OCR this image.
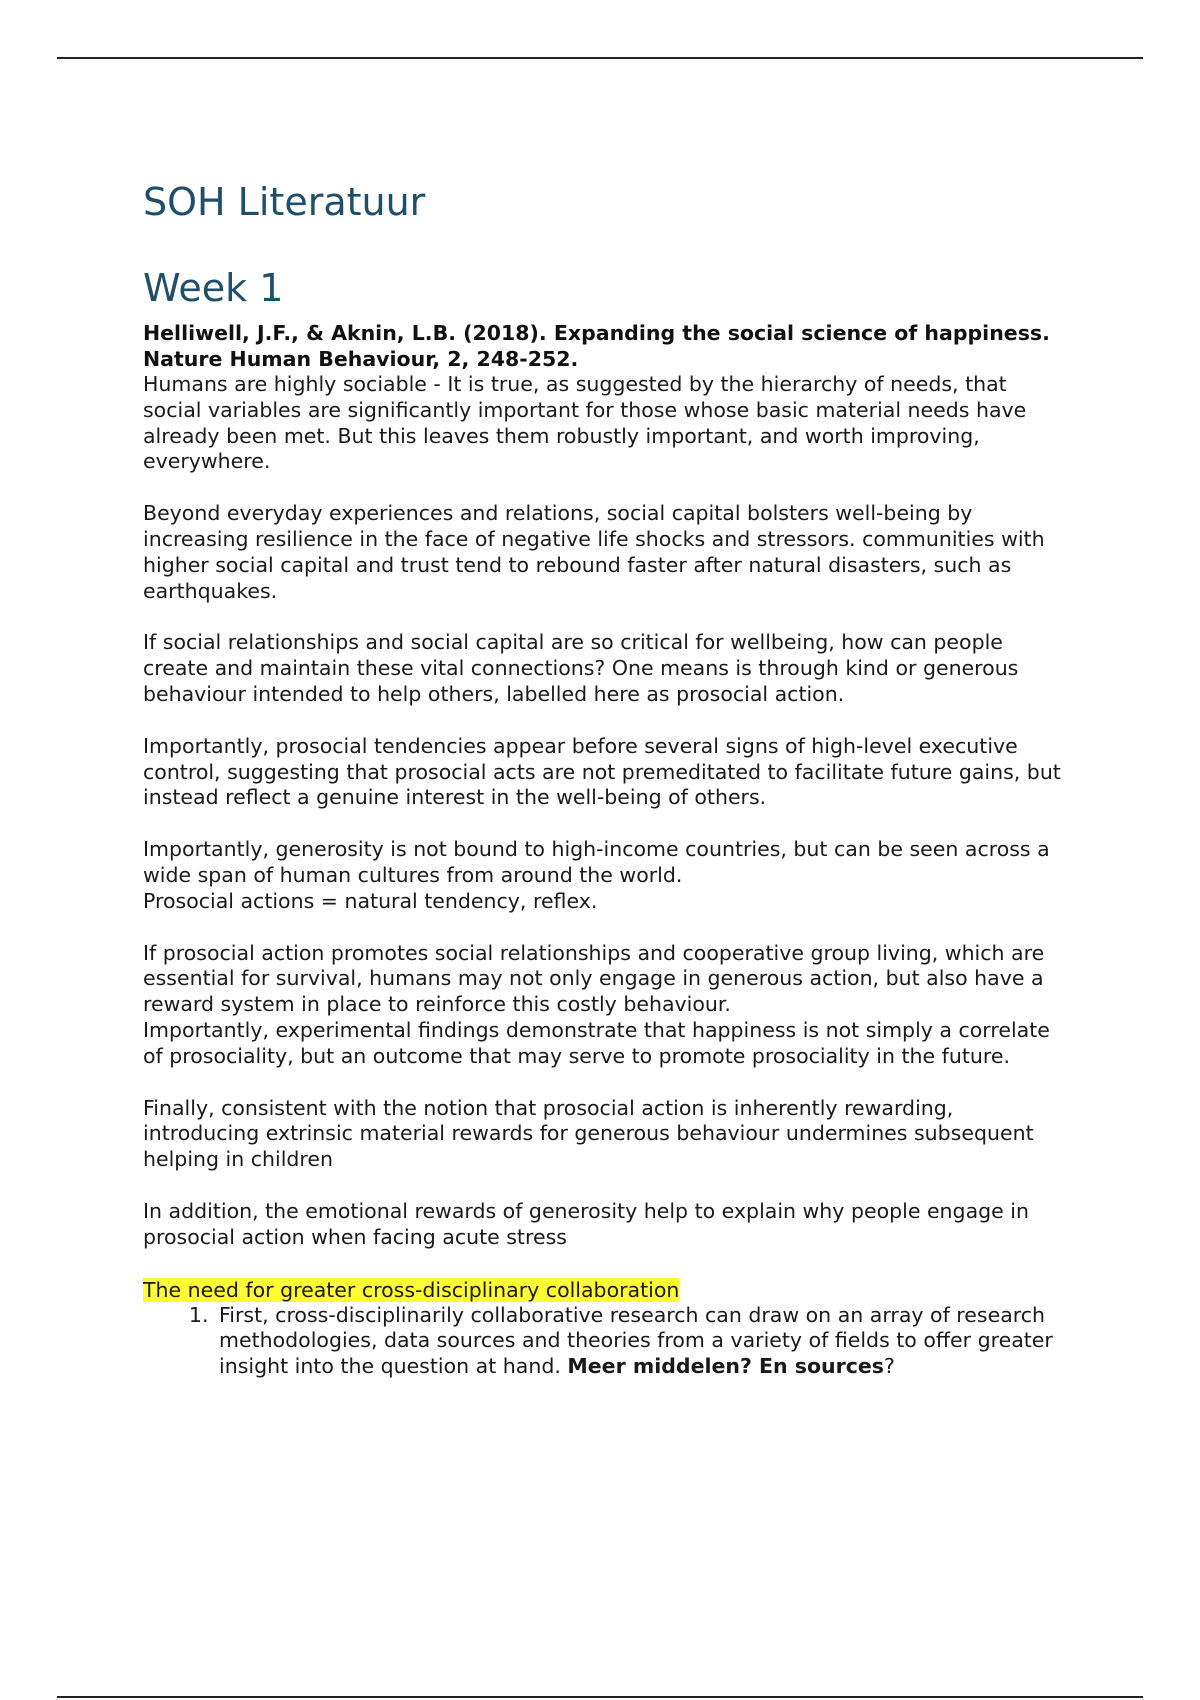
SOH Literatuur
Week 1

Helliwell, J.F., & Aknin, L.B. (2018). Expanding the social science of happiness. Nature Human Behaviour, 2, 248-252.

Humans are highly sociable - It is true, as suggested by the hierarchy of needs, that social variables are significantly important for those whose basic material needs have already been met. But this leaves them robustly important, and worth improving, everywhere.

Beyond everyday experiences and relations, social capital bolsters well-being by increasing resilience in the face of negative life shocks and stressors. communities with higher social capital and trust tend to rebound faster after natural disasters, such as earthquakes.

If social relationships and social capital are so critical for wellbeing, how can people create and maintain these vital connections? One means is through kind or generous behaviour intended to help others, labelled here as prosocial action.

Importantly, prosocial tendencies appear before several signs of high-level executive control, suggesting that prosocial acts are not premeditated to facilitate future gains, but instead reflect a genuine interest in the well-being of others.

Importantly, generosity is not bound to high-income countries, but can be seen across a wide span of human cultures from around the world.
Prosocial actions = natural tendency, reflex.

If prosocial action promotes social relationships and cooperative group living, which are essential for survival, humans may not only engage in generous action, but also have a reward system in place to reinforce this costly behaviour.
Importantly, experimental findings demonstrate that happiness is not simply a correlate of prosociality, but an outcome that may serve to promote prosociality in the future.

Finally, consistent with the notion that prosocial action is inherently rewarding, introducing extrinsic material rewards for generous behaviour undermines subsequent helping in children

In addition, the emotional rewards of generosity help to explain why people engage in prosocial action when facing acute stress

The need for greater cross-disciplinary collaboration

1. First, cross-disciplinarily collaborative research can draw on an array of research methodologies, data sources and theories from a variety of fields to offer greater insight into the question at hand. Meer middelen? En sources?
